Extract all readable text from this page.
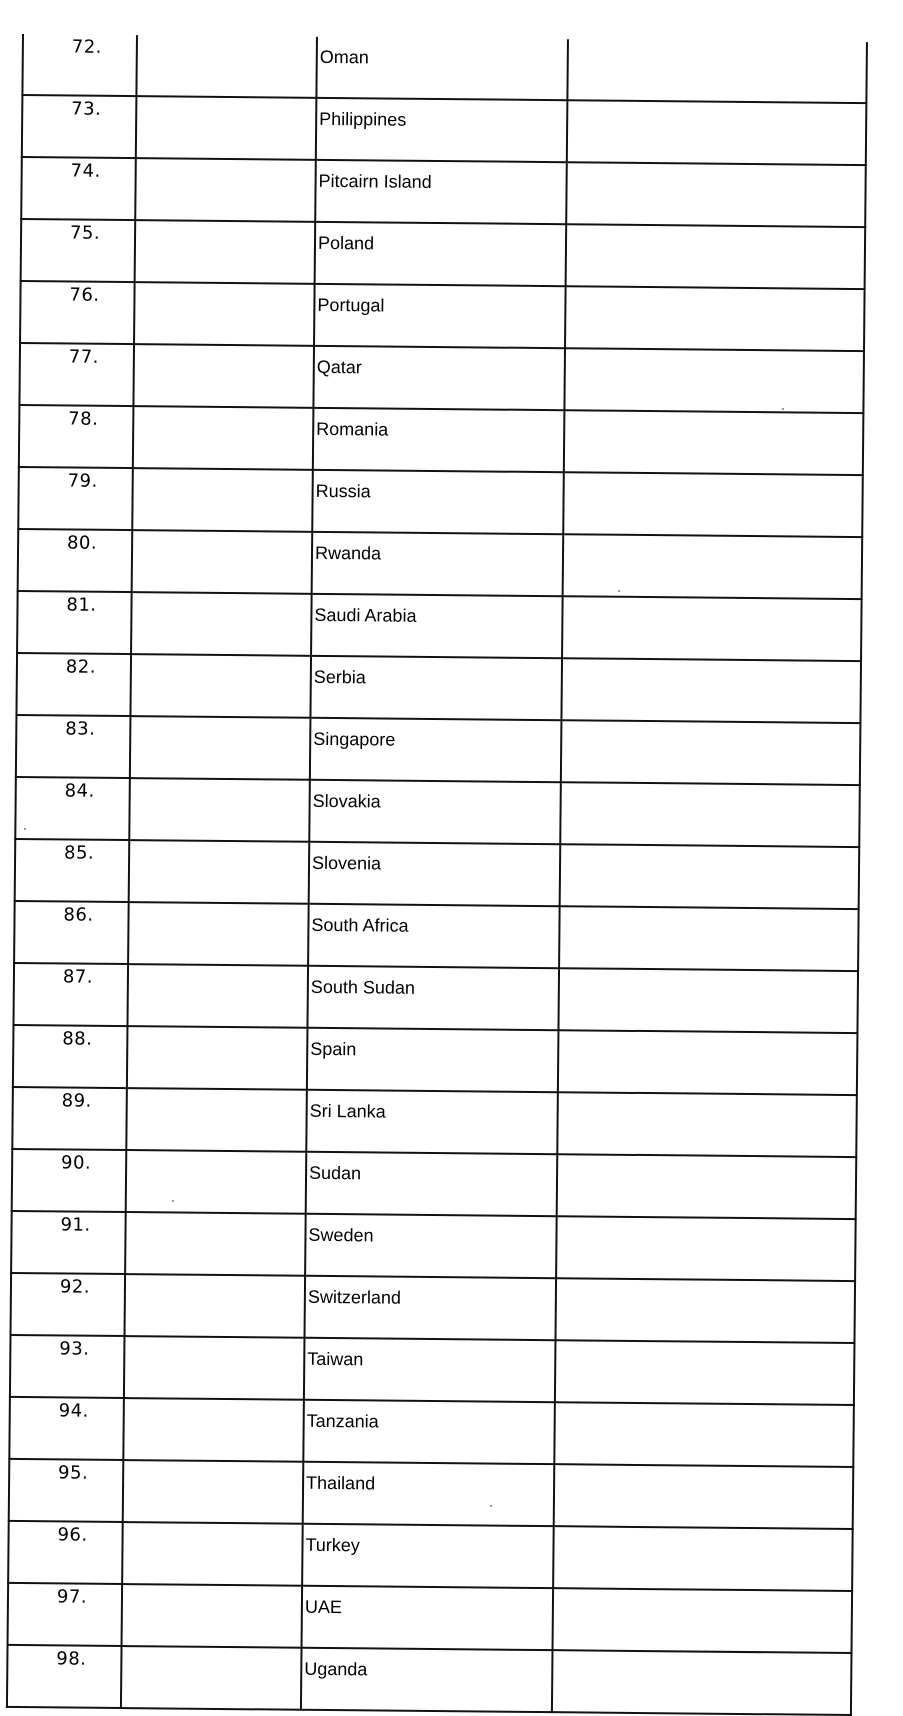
72.		Oman	
73.		Philippines	
74.		Pitcairn Island	
75.		Poland	
76.		Portugal	
77.		Qatar	
78.		Romania	
79.		Russia	
80.		Rwanda	
81.		Saudi Arabia	
82.		Serbia	
83.		Singapore	
84.		Slovakia	
85.		Slovenia	
86.		South Africa	
87.		South Sudan	
88.		Spain	
89.		Sri Lanka	
90.		Sudan	
91.		Sweden	
92.		Switzerland	
93.		Taiwan	
94.		Tanzania	
95.		Thailand	
96.		Turkey	
97.		UAE	
98.		Uganda	
